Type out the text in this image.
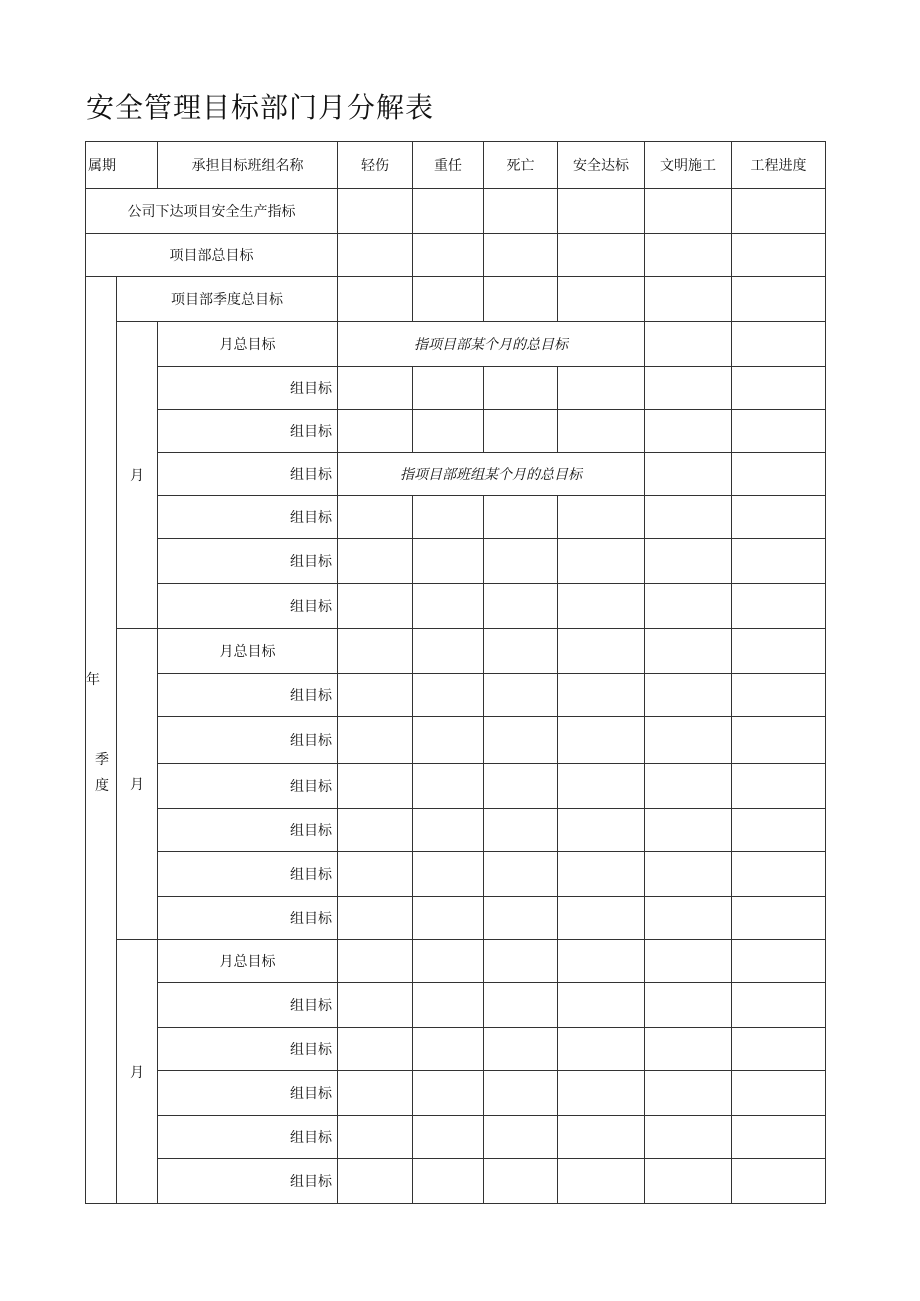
安全管理目标部门月分解表
属期		承担目标班组名称	轻伤	重任	死亡	安全达标	文明施工	工程进度
公司下达项目安全生产指标								
项目部总目标								

年
季度	项目部季度总目标							
	月	月总目标	指项目部某个月的总目标					
		组目标						
		组目标						
		组目标	指项目部班组某个月的总目标					
		组目标						
		组目标						
		组目标						
	月	月总目标						
		组目标						
		组目标						
		组目标						
		组目标						
		组目标						
		组目标						
	月	月总目标						
		组目标						
		组目标						
		组目标						
		组目标						
		组目标						
